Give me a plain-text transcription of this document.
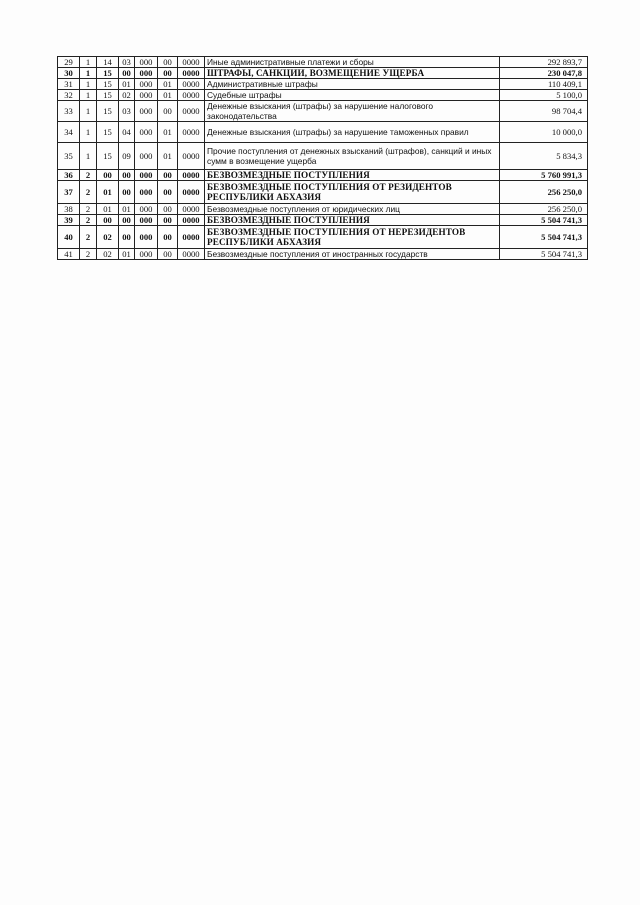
29	1	14	03	000	00	0000	Иные административные платежи и сборы	292 893,7
30	1	15	00	000	00	0000	ШТРАФЫ, САНКЦИИ, ВОЗМЕЩЕНИЕ УЩЕРБА	230 047,8
31	1	15	01	000	01	0000	Административные штрафы	110 409,1
32	1	15	02	000	01	0000	Судебные штрафы	5 100,0
33	1	15	03	000	00	0000	Денежные взыскания (штрафы) за нарушение налогового законодательства	98 704,4
34	1	15	04	000	01	0000	Денежные взыскания (штрафы) за нарушение таможенных правил	10 000,0
35	1	15	09	000	01	0000	Прочие поступления от денежных взысканий (штрафов), санкций и иных сумм в возмещение ущерба	5 834,3
36	2	00	00	000	00	0000	БЕЗВОЗМЕЗДНЫЕ ПОСТУПЛЕНИЯ	5 760 991,3
37	2	01	00	000	00	0000	БЕЗВОЗМЕЗДНЫЕ ПОСТУПЛЕНИЯ ОТ РЕЗИДЕНТОВ РЕСПУБЛИКИ АБХАЗИЯ	256 250,0
38	2	01	01	000	00	0000	Безвозмездные поступления от юридических лиц	256 250,0
39	2	00	00	000	00	0000	БЕЗВОЗМЕЗДНЫЕ ПОСТУПЛЕНИЯ	5 504 741,3
40	2	02	00	000	00	0000	БЕЗВОЗМЕЗДНЫЕ ПОСТУПЛЕНИЯ ОТ НЕРЕЗИДЕНТОВ РЕСПУБЛИКИ АБХАЗИЯ	5 504 741,3
41	2	02	01	000	00	0000	Безвозмездные поступления от иностранных государств	5 504 741,3
